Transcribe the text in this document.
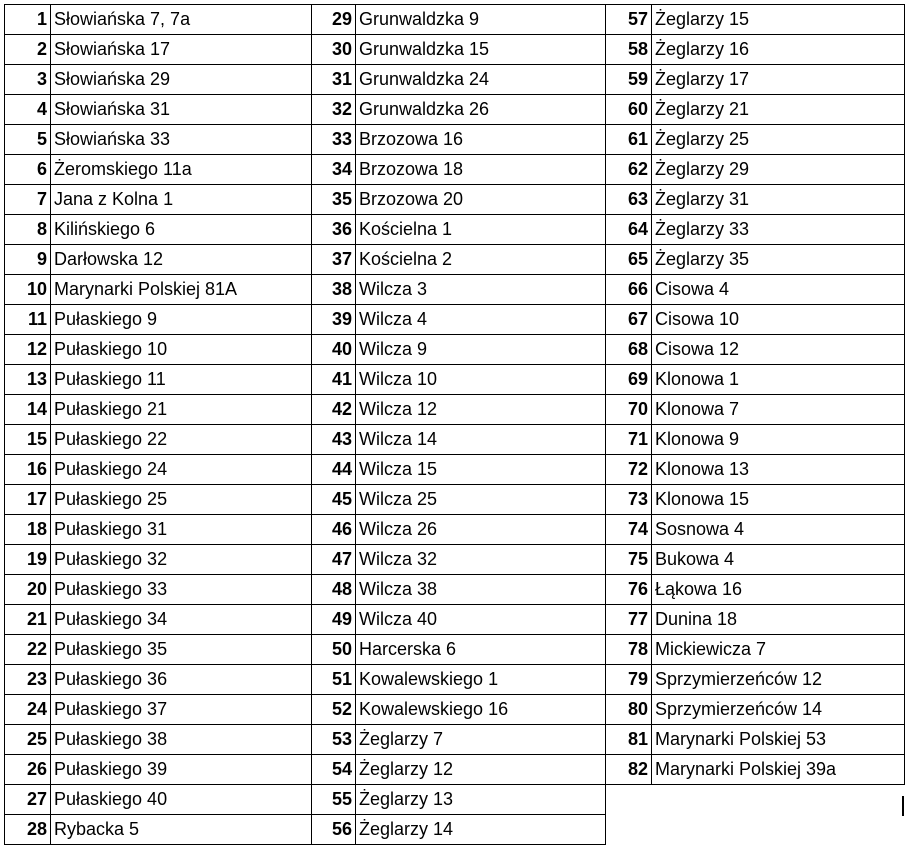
1	Słowiańska 7, 7a
2	Słowiańska 17
3	Słowiańska 29
4	Słowiańska 31
5	Słowiańska 33
6	Żeromskiego 11a
7	Jana z Kolna 1
8	Kilińskiego 6
9	Darłowska 12
10	Marynarki Polskiej 81A
11	Pułaskiego 9
12	Pułaskiego 10
13	Pułaskiego 11
14	Pułaskiego 21
15	Pułaskiego 22
16	Pułaskiego 24
17	Pułaskiego 25
18	Pułaskiego 31
19	Pułaskiego 32
20	Pułaskiego 33
21	Pułaskiego 34
22	Pułaskiego 35
23	Pułaskiego 36
24	Pułaskiego 37
25	Pułaskiego 38
26	Pułaskiego 39
27	Pułaskiego 40
28	Rybacka 5
29	Grunwaldzka 9
30	Grunwaldzka 15
31	Grunwaldzka 24
32	Grunwaldzka 26
33	Brzozowa 16
34	Brzozowa 18
35	Brzozowa 20
36	Kościelna 1
37	Kościelna 2
38	Wilcza 3
39	Wilcza 4
40	Wilcza 9
41	Wilcza 10
42	Wilcza 12
43	Wilcza 14
44	Wilcza 15
45	Wilcza 25
46	Wilcza 26
47	Wilcza 32
48	Wilcza 38
49	Wilcza 40
50	Harcerska 6
51	Kowalewskiego 1
52	Kowalewskiego 16
53	Żeglarzy 7
54	Żeglarzy 12
55	Żeglarzy 13
56	Żeglarzy 14
57	Żeglarzy 15
58	Żeglarzy 16
59	Żeglarzy 17
60	Żeglarzy 21
61	Żeglarzy 25
62	Żeglarzy 29
63	Żeglarzy 31
64	Żeglarzy 33
65	Żeglarzy 35
66	Cisowa 4
67	Cisowa 10
68	Cisowa 12
69	Klonowa 1
70	Klonowa 7
71	Klonowa 9
72	Klonowa 13
73	Klonowa 15
74	Sosnowa 4
75	Bukowa 4
76	Łąkowa 16
77	Dunina 18
78	Mickiewicza 7
79	Sprzymierzeńców 12
80	Sprzymierzeńców 14
81	Marynarki Polskiej 53
82	Marynarki Polskiej 39a
